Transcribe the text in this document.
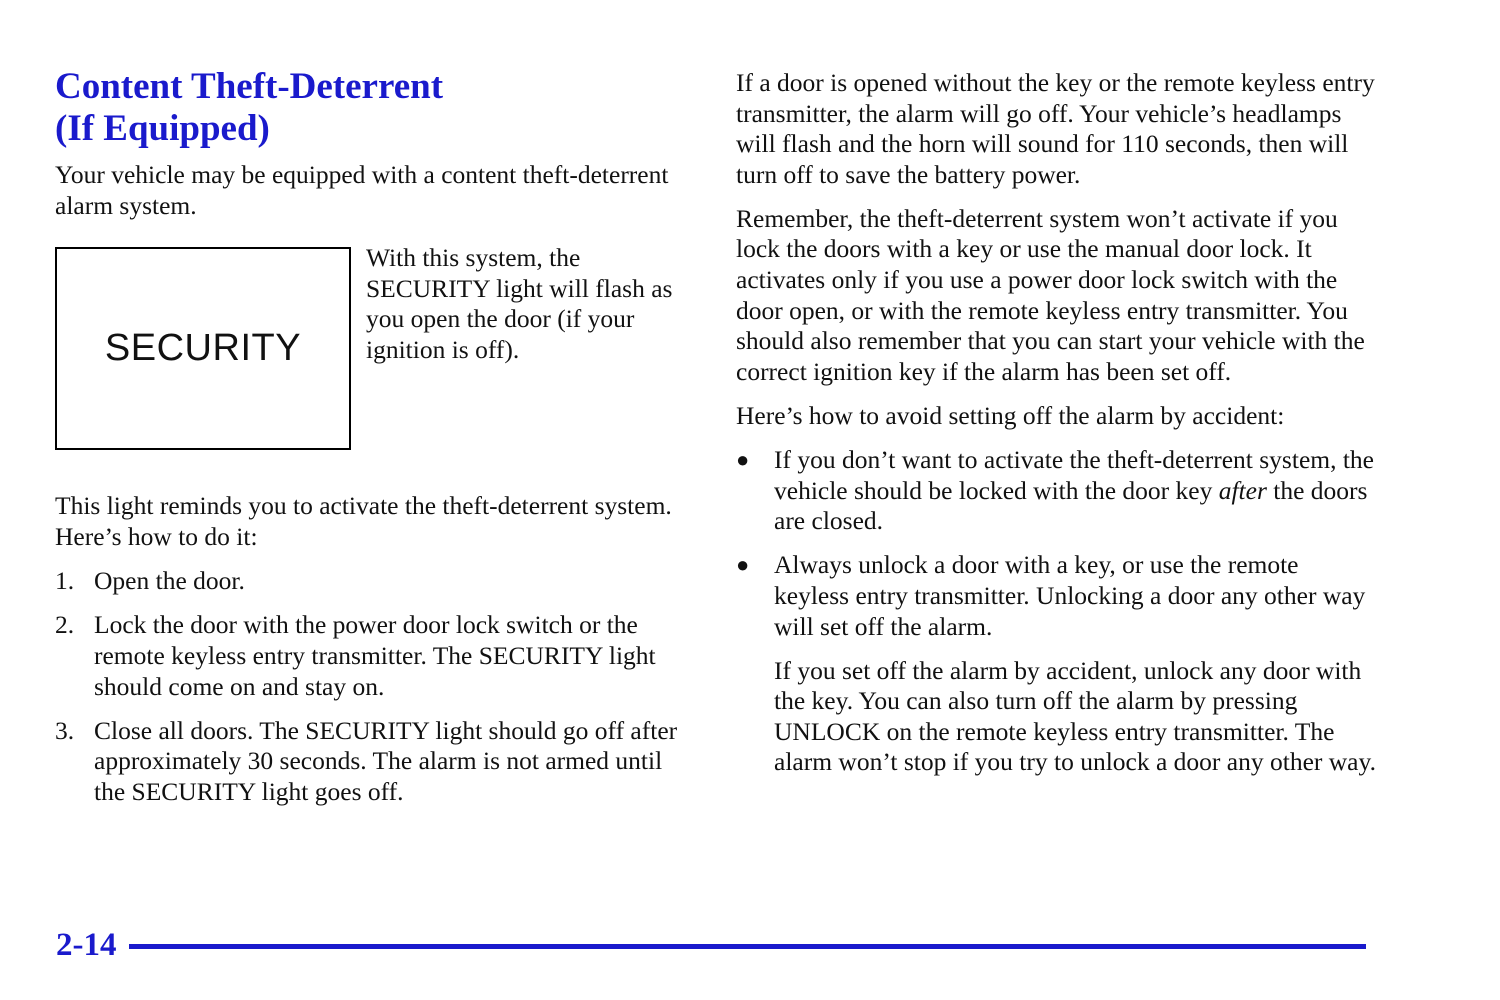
Content Theft-Deterrent
(If Equipped)

Your vehicle may be equipped with a content theft-deterrent alarm system.

SECURITY

With this system, the SECURITY light will flash as you open the door (if your ignition is off).

This light reminds you to activate the theft-deterrent system. Here’s how to do it:

1. Open the door.
2. Lock the door with the power door lock switch or the remote keyless entry transmitter. The SECURITY light should come on and stay on.
3. Close all doors. The SECURITY light should go off after approximately 30 seconds. The alarm is not armed until the SECURITY light goes off.

If a door is opened without the key or the remote keyless entry transmitter, the alarm will go off. Your vehicle’s headlamps will flash and the horn will sound for 110 seconds, then will turn off to save the battery power.

Remember, the theft-deterrent system won’t activate if you lock the doors with a key or use the manual door lock. It activates only if you use a power door lock switch with the door open, or with the remote keyless entry transmitter. You should also remember that you can start your vehicle with the correct ignition key if the alarm has been set off.

Here’s how to avoid setting off the alarm by accident:

● If you don’t want to activate the theft-deterrent system, the vehicle should be locked with the door key after the doors are closed.
● Always unlock a door with a key, or use the remote keyless entry transmitter. Unlocking a door any other way will set off the alarm.

If you set off the alarm by accident, unlock any door with the key. You can also turn off the alarm by pressing UNLOCK on the remote keyless entry transmitter. The alarm won’t stop if you try to unlock a door any other way.

2-14
